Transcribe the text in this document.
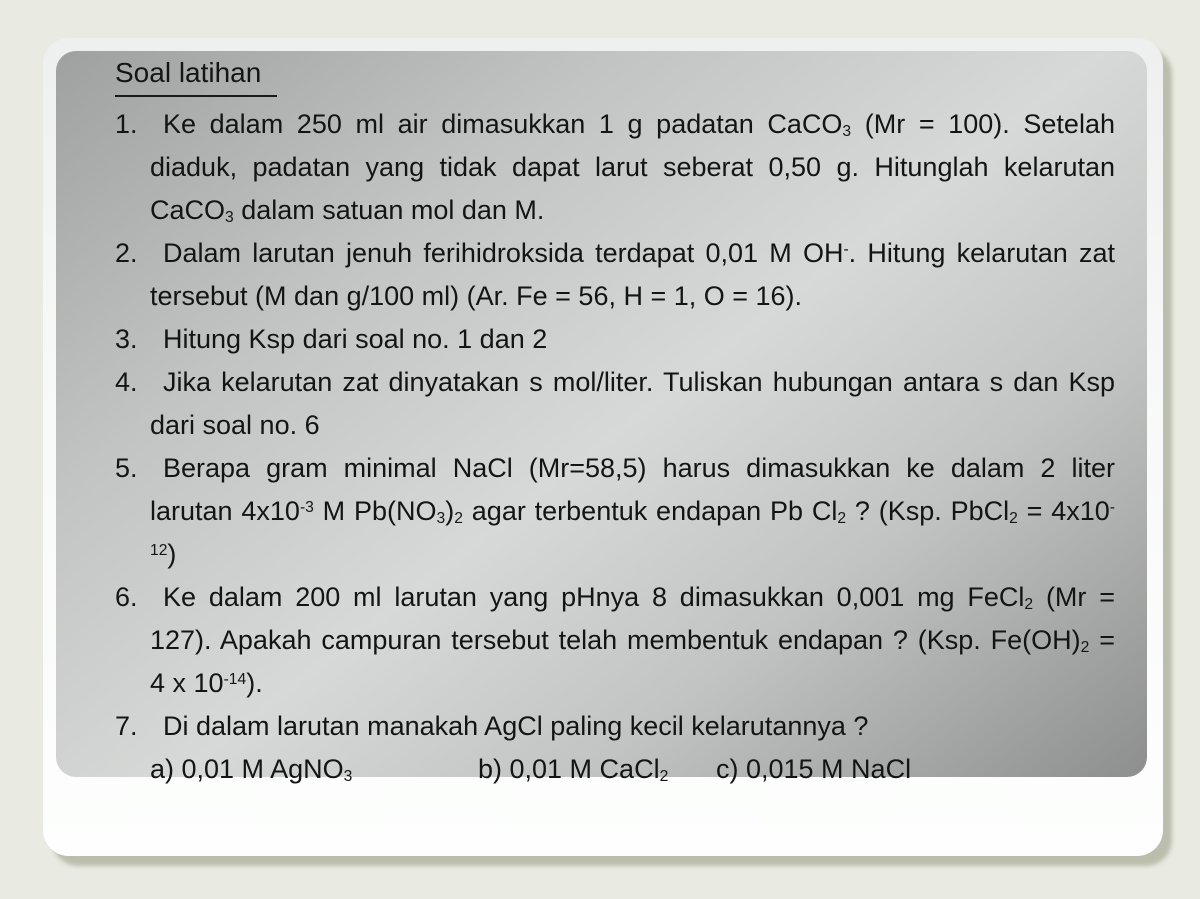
Soal latihan
1. Ke dalam 250 ml air dimasukkan 1 g padatan CaCO$_3$ (Mr = 100). Setelah
diaduk, padatan yang tidak dapat larut seberat 0,50 g. Hitunglah kelarutan
CaCO$_3$ dalam satuan mol dan M.
2. Dalam larutan jenuh ferihidroksida terdapat 0,01 M OH-. Hitung kelarutan zat
tersebut (M dan g/100 ml) (Ar. Fe = 56, H = 1, O = 16).
3. Hitung Ksp dari soal no. 1 dan 2
4. Jika kelarutan zat dinyatakan s mol/liter. Tuliskan hubungan antara s dan Ksp
dari soal no. 6
5. Berapa gram minimal NaCl (Mr=58,5) harus dimasukkan ke dalam 2 liter
larutan $4x10^{-3}$ M $Pb(NO_3)_2$ agar terbentuk endapan Pb $Cl_2$ ? (Ksp. PbCl$_2$ = 4x10-
$^{12}$)
6. Ke dalam 200 ml larutan yang pHnya 8 dimasukkan 0,001 mg FeCl$_2$ (Mr =
127). Apakah campuran tersebut telah membentuk endapan ? (Ksp. $Fe(OH)_2$ =
4 x $10^{-14}$).
7. Di dalam larutan manakah AgCl paling kecil kelarutannya ?
a) 0,01 M AgNO$_3$	b) 0,01 M CaCl$_2$ c) 0,015 M NaCl
